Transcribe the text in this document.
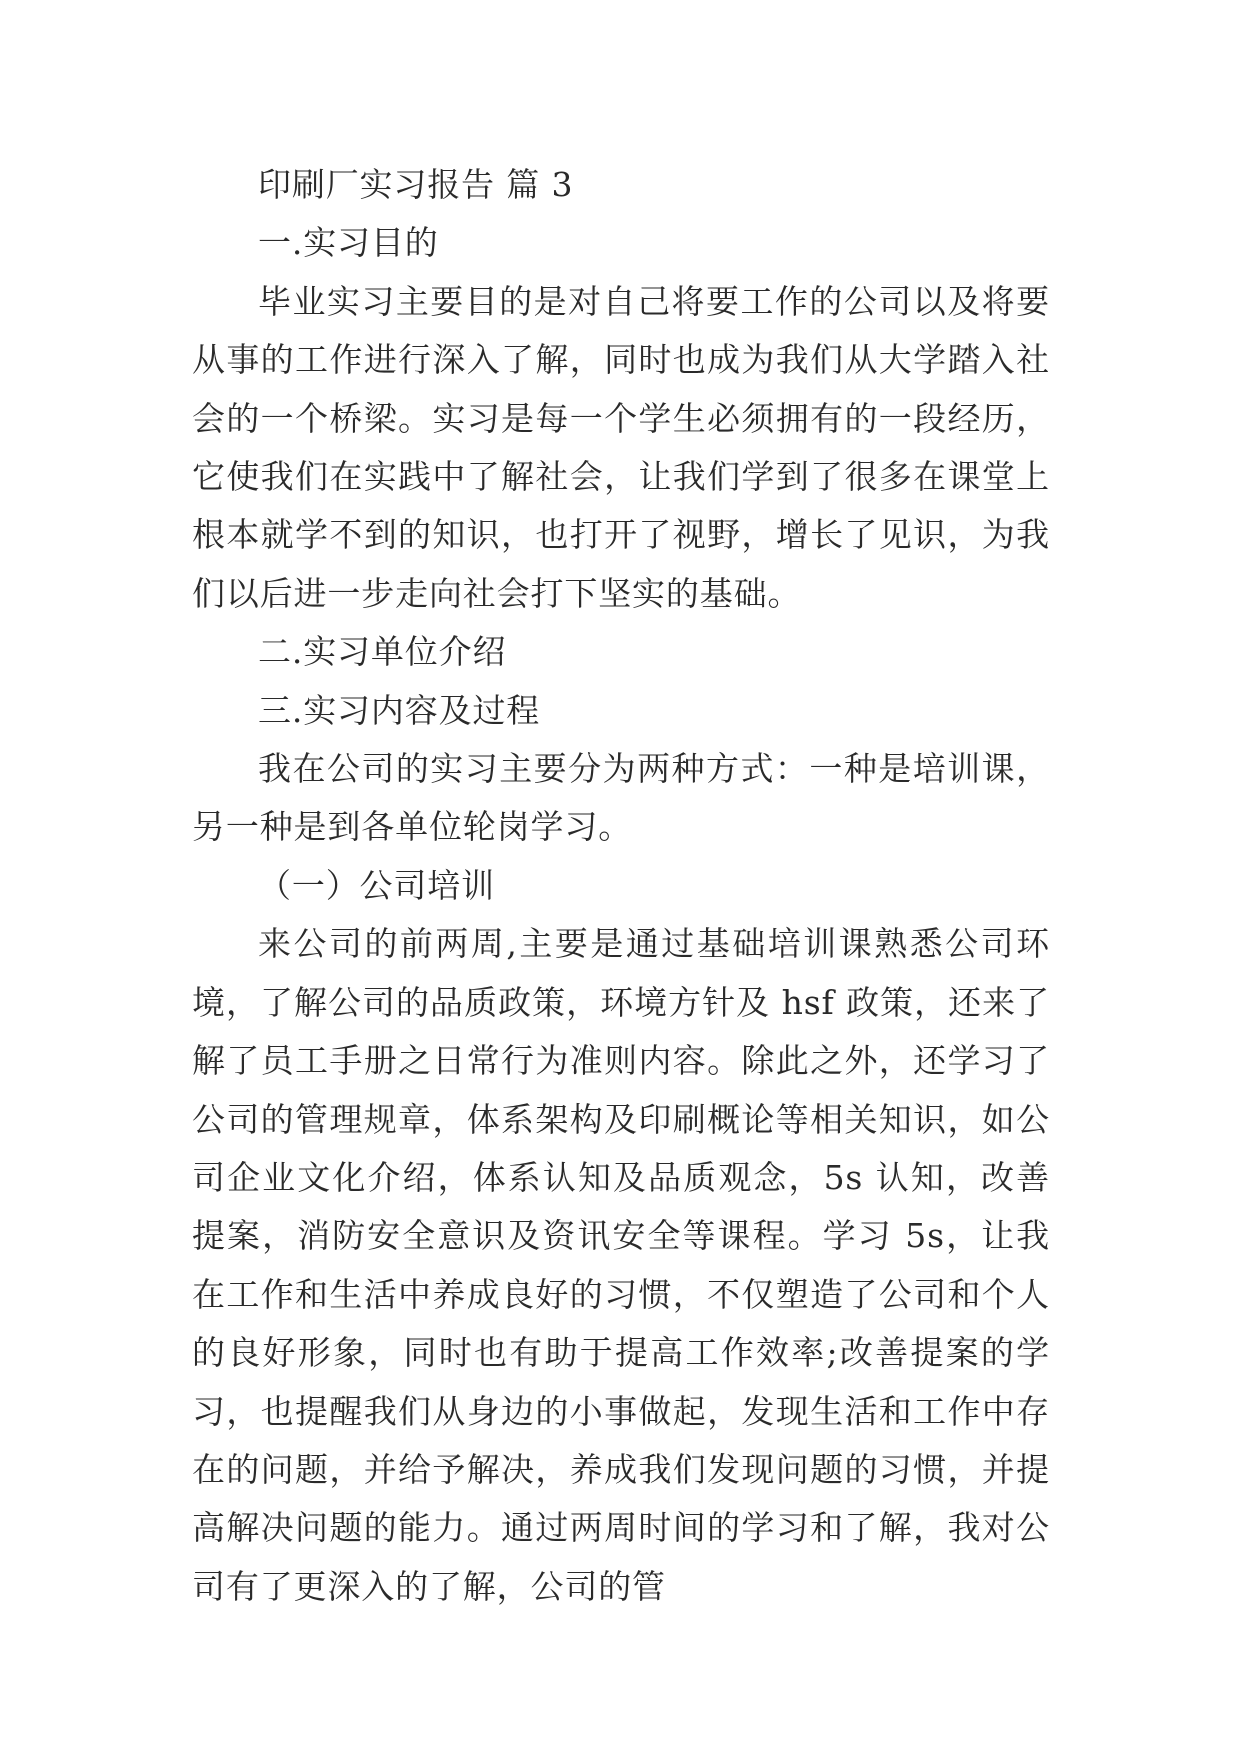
印刷厂实习报告 篇 3

一.实习目的

毕业实习主要目的是对自己将要工作的公司以及将要从事的工作进行深入了解，同时也成为我们从大学踏入社会的一个桥梁。实习是每一个学生必须拥有的一段经历，它使我们在实践中了解社会，让我们学到了很多在课堂上根本就学不到的知识，也打开了视野，增长了见识，为我们以后进一步走向社会打下坚实的基础。

二.实习单位介绍

三.实习内容及过程

我在公司的实习主要分为两种方式：一种是培训课，另一种是到各单位轮岗学习。

（一）公司培训

来公司的前两周,主要是通过基础培训课熟悉公司环境，了解公司的品质政策，环境方针及 hsf 政策，还来了解了员工手册之日常行为准则内容。除此之外，还学习了公司的管理规章，体系架构及印刷概论等相关知识，如公司企业文化介绍，体系认知及品质观念，5s 认知，改善提案，消防安全意识及资讯安全等课程。学习 5s，让我在工作和生活中养成良好的习惯，不仅塑造了公司和个人的良好形象，同时也有助于提高工作效率;改善提案的学习，也提醒我们从身边的小事做起，发现生活和工作中存在的问题，并给予解决，养成我们发现问题的习惯，并提高解决问题的能力。通过两周时间的学习和了解，我对公司有了更深入的了解，公司的管
